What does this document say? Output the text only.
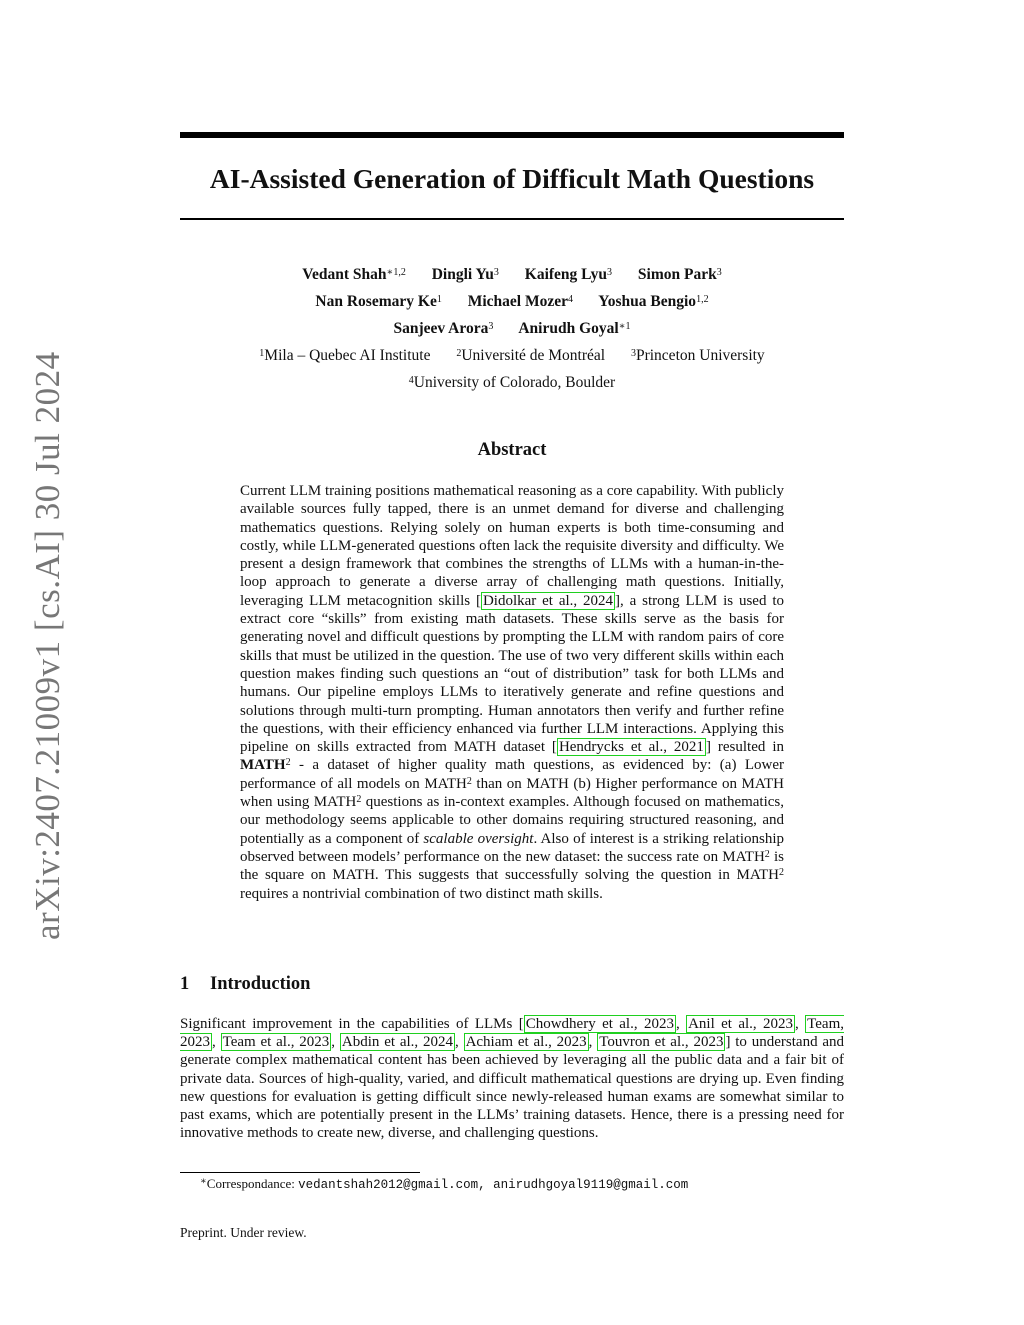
arXiv:2407.21009v1 [cs.AI] 30 Jul 2024
AI-Assisted Generation of Difficult Math Questions
Vedant Shah$^{∗1,2}$ Dingli Yu$^3$ Kaifeng Lyu$^3$ Simon Park$^3$
Nan Rosemary Ke$^1$ Michael Mozer$^4$ Yoshua Bengio$^{1,2}$
Sanjeev Arora$^3$ Anirudh Goyal$^{∗1}$
$^1$Mila – Quebec AI Institute	$^2$Université de Montréal	$^3$Princeton University
$^4$University of Colorado, Boulder
Abstract
Current LLM training positions mathematical reasoning as a core capability. With publicly available sources fully tapped, there is an unmet demand for diverse and challenging mathematics questions. Relying solely on human experts is both time-consuming and costly, while LLM-generated questions often lack the requisite diversity and difficulty. We present a design framework that combines the strengths of LLMs with a human-in-the-loop approach to generate a diverse array of challenging math questions. Initially, leveraging LLM metacognition skills [ Didolkar et al., 2024 ], a strong LLM is used to extract core “skills” from existing math datasets. These skills serve as the basis for generating novel and difficult questions by prompting the LLM with random pairs of core skills that must be utilized in the question. The use of two very different skills within each question makes finding such questions an “out of distribution” task for both LLMs and humans. Our pipeline employs LLMs to iteratively generate and refine questions and solutions through multi-turn prompting. Human annotators then verify and further refine the questions, with their efficiency enhanced via further LLM interactions. Applying this pipeline on skills extracted from MATH dataset [ Hendrycks et al., 2021 ] resulted in MATH$^2$ - a dataset of higher quality math questions, as evidenced by: (a) Lower performance of all models on MATH$^2$ than on MATH (b) Higher performance on MATH when using MATH$^2$ questions as in-context examples. Although focused on mathematics, our methodology seems applicable to other domains requiring structured reasoning, and potentially as a component of scalable oversight. Also of interest is a striking relationship observed between models’ performance on the new dataset: the success rate on MATH$^2$ is the square on MATH. This suggests that successfully solving the question in MATH$^2$ requires a nontrivial combination of two distinct math skills.
1 Introduction
Significant improvement in the capabilities of LLMs [ Chowdhery et al., 2023 , Anil et al., 2023 , Team, 2023 , Team et al., 2023 , Abdin et al., 2024 , Achiam et al., 2023 , Touvron et al., 2023 ] to understand and generate complex mathematical content has been achieved by leveraging all the public data and a fair bit of private data. Sources of high-quality, varied, and difficult mathematical questions are drying up. Even finding new questions for evaluation is getting difficult since newly-released human exams are somewhat similar to past exams, which are potentially present in the LLMs’ training datasets. Hence, there is a pressing need for innovative methods to create new, diverse, and challenging questions.
∗Correspondance: vedantshah2012@gmail.com, anirudhgoyal9119@gmail.com
Preprint. Under review.
